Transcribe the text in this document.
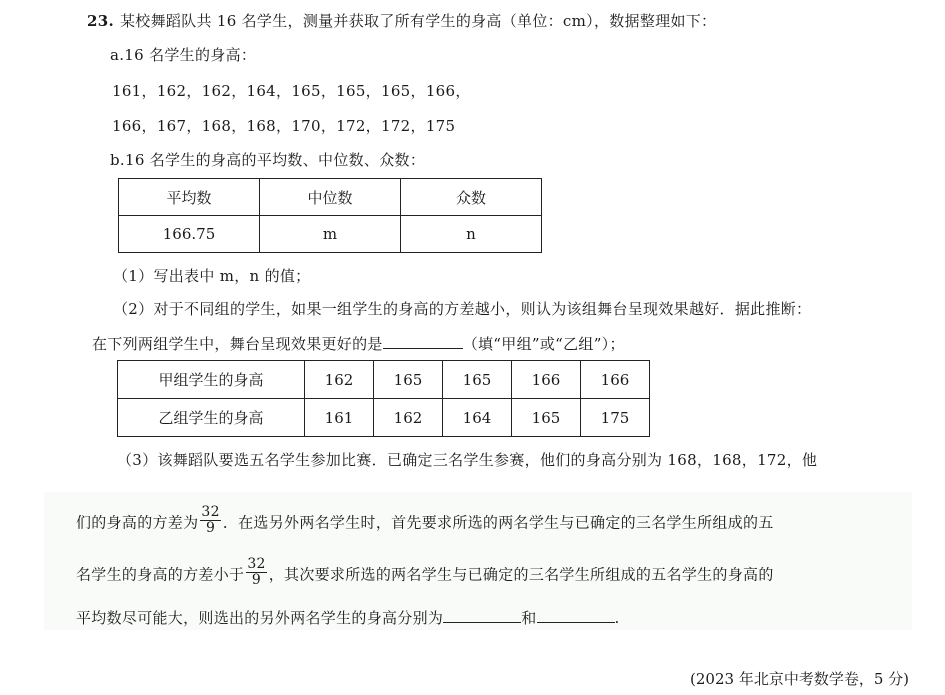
23. 某校舞蹈队共 16 名学生，测量并获取了所有学生的身高（单位：cm），数据整理如下：
a.16 名学生的身高：
161，162，162，164，165，165，165，166，
166，167，168，168，170，172，172，175
b.16 名学生的身高的平均数、中位数、众数：
平均数	中位数	众数
166.75	m	n
（1）写出表中 m，n 的值；
（2）对于不同组的学生，如果一组学生的身高的方差越小，则认为该组舞台呈现效果越好．据此推断：
在下列两组学生中，舞台呈现效果更好的是	（填“甲组”或“乙组”）；
甲组学生的身高	162	165	165	166	166
乙组学生的身高	161	162	164	165	175
（3）该舞蹈队要选五名学生参加比赛．已确定三名学生参赛，他们的身高分别为 168，168，172，他
们的身高的方差为 $\frac{32}{9}$ ．在选另外两名学生时，首先要求所选的两名学生与已确定的三名学生所组成的五
名学生的身高的方差小于 $\frac{32}{9}$ ，其次要求所选的两名学生与已确定的三名学生所组成的五名学生的身高的
平均数尽可能大，则选出的另外两名学生的身高分别为	和	.
(2023 年北京中考数学卷，5 分)
